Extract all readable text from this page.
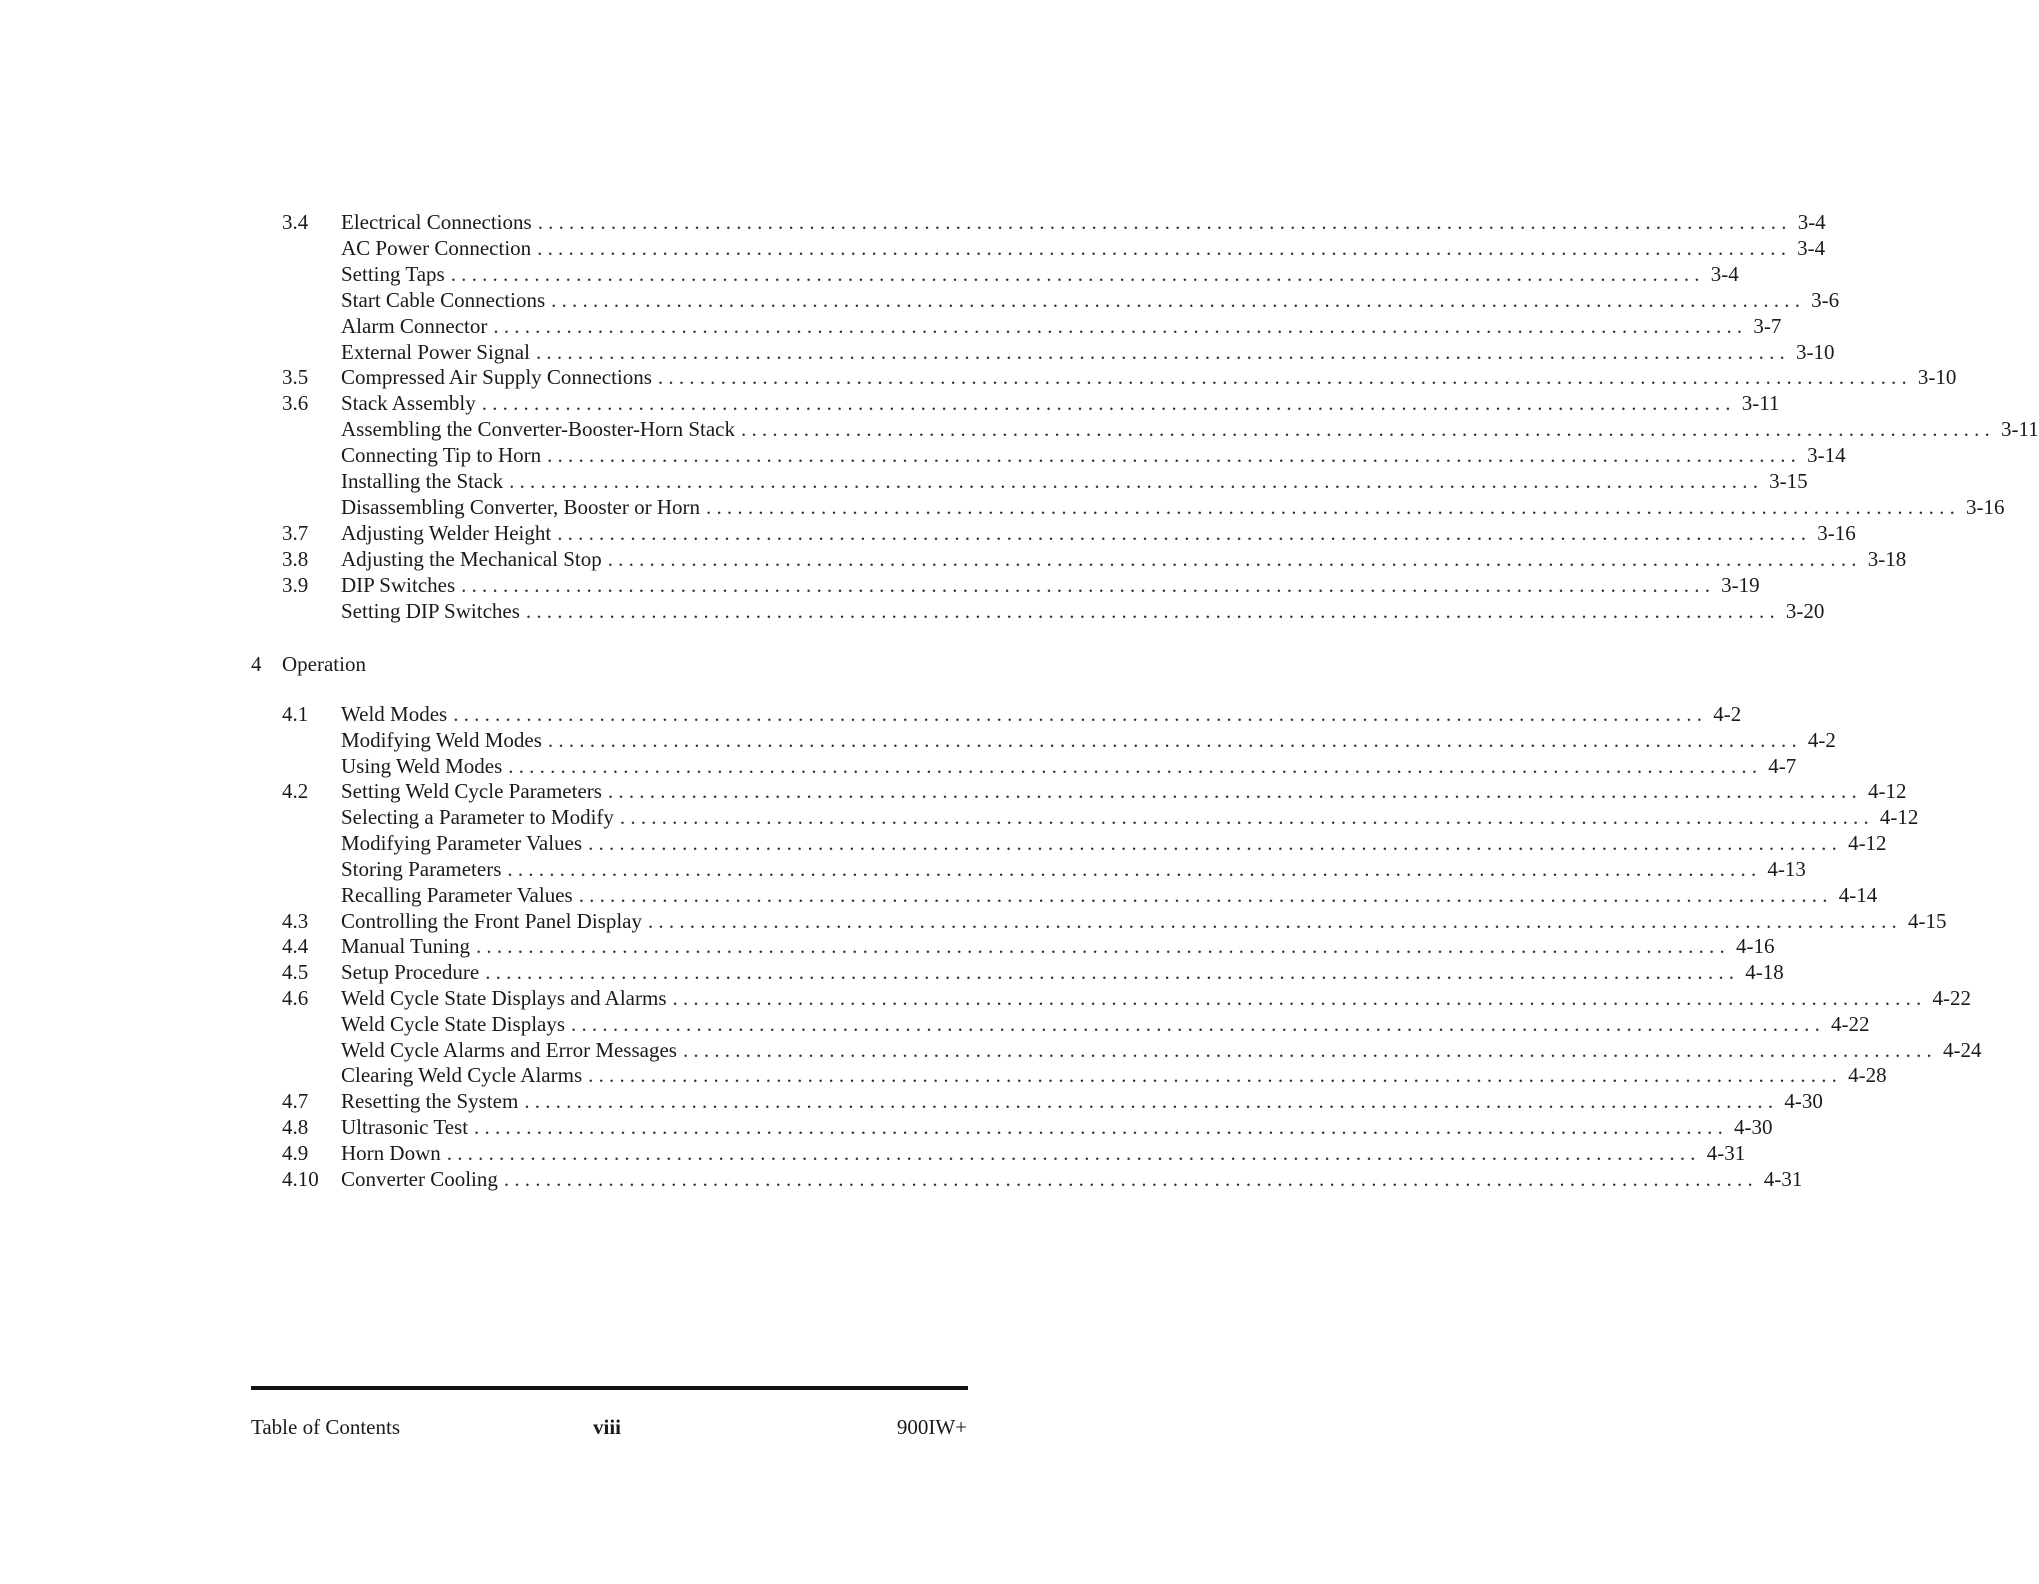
3.4 Electrical Connections ........................................................................................................................ 3-4
AC Power Connection ........................................................................................................................ 3-4
Setting Taps ........................................................................................................................ 3-4
Start Cable Connections ........................................................................................................................ 3-6
Alarm Connector ........................................................................................................................ 3-7
External Power Signal ........................................................................................................................ 3-10
3.5 Compressed Air Supply Connections ........................................................................................................................ 3-10
3.6 Stack Assembly ........................................................................................................................ 3-11
Assembling the Converter-Booster-Horn Stack ........................................................................................................................ 3-11
Connecting Tip to Horn ........................................................................................................................ 3-14
Installing the Stack ........................................................................................................................ 3-15
Disassembling Converter, Booster or Horn ........................................................................................................................ 3-16
3.7 Adjusting Welder Height ........................................................................................................................ 3-16
3.8 Adjusting the Mechanical Stop ........................................................................................................................ 3-18
3.9 DIP Switches ........................................................................................................................ 3-19
Setting DIP Switches ........................................................................................................................ 3-20
4 Operation
4.1 Weld Modes ........................................................................................................................ 4-2
Modifying Weld Modes ........................................................................................................................ 4-2
Using Weld Modes ........................................................................................................................ 4-7
4.2 Setting Weld Cycle Parameters ........................................................................................................................ 4-12
Selecting a Parameter to Modify ........................................................................................................................ 4-12
Modifying Parameter Values ........................................................................................................................ 4-12
Storing Parameters ........................................................................................................................ 4-13
Recalling Parameter Values ........................................................................................................................ 4-14
4.3 Controlling the Front Panel Display ........................................................................................................................ 4-15
4.4 Manual Tuning ........................................................................................................................ 4-16
4.5 Setup Procedure ........................................................................................................................ 4-18
4.6 Weld Cycle State Displays and Alarms ........................................................................................................................ 4-22
Weld Cycle State Displays ........................................................................................................................ 4-22
Weld Cycle Alarms and Error Messages ........................................................................................................................ 4-24
Clearing Weld Cycle Alarms ........................................................................................................................ 4-28
4.7 Resetting the System ........................................................................................................................ 4-30
4.8 Ultrasonic Test ........................................................................................................................ 4-30
4.9 Horn Down ........................................................................................................................ 4-31
4.10 Converter Cooling ........................................................................................................................ 4-31
Table of Contents	viii	900IW+
